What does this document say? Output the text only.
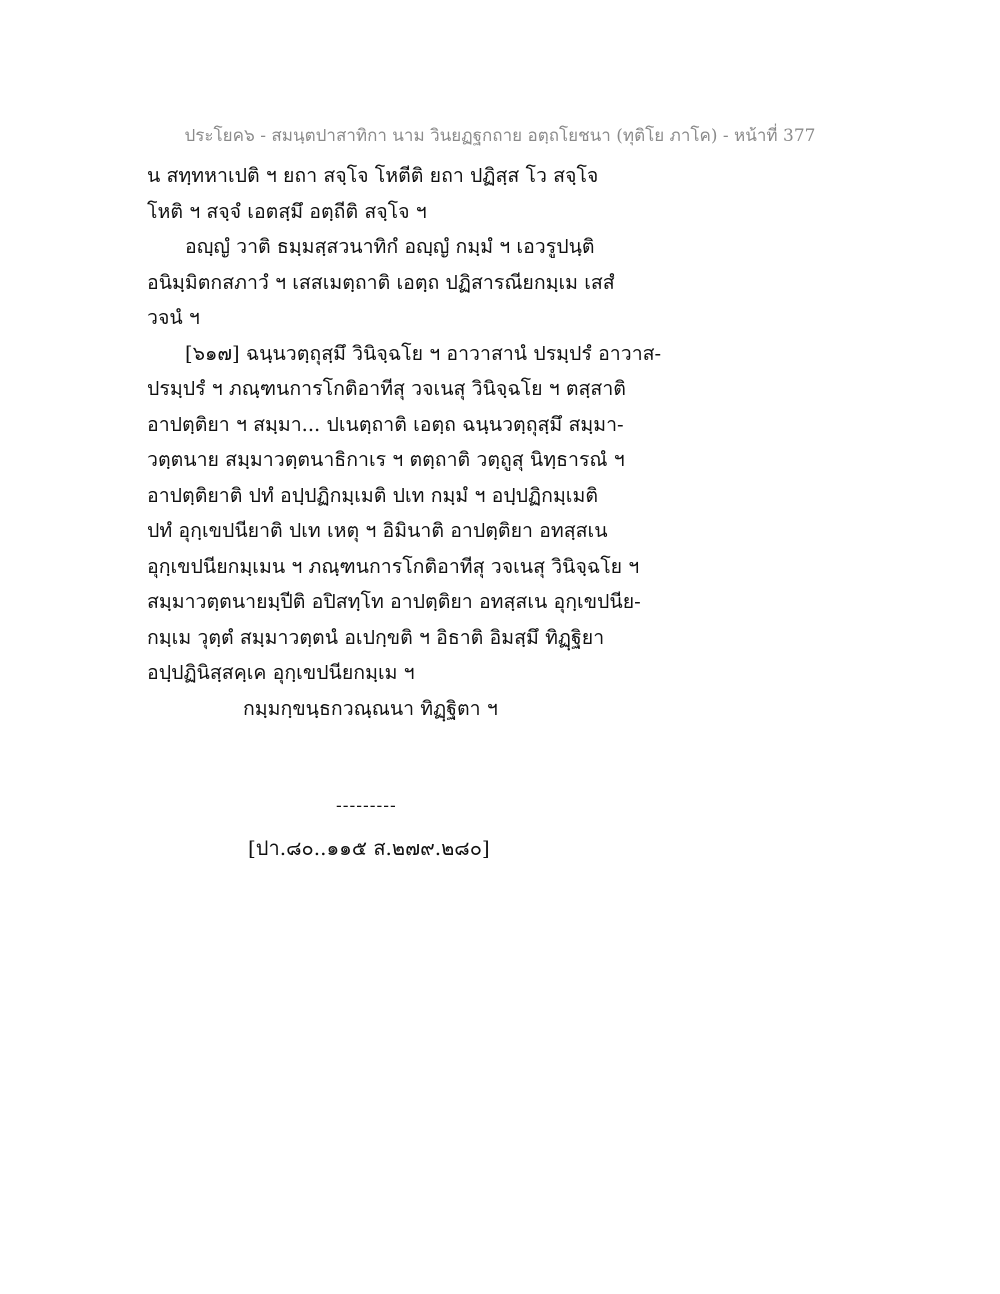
ประโยค๖ - สมนฺตปาสาทิกา นาม วินยฏฐกถาย อตฺถโยชนา (ทุติโย ภาโค) - หน้าที่ 377
น สทฺทหาเปติ ฯ ยถา สจฺโจ โหตีติ ยถา ปฏิสฺส โว สจฺโจ
โหติ ฯ สจฺจํ เอตสฺมึ อตฺถีติ สจฺโจ ฯ
อญฺญํ วาติ ธมฺมสฺสวนาทิกํ อญฺญํ กมฺมํ ฯ เอวรูปนฺติ
อนิมฺมิตกสภาวํ ฯ เสสเมตฺถาติ เอตฺถ ปฏิสารณียกมฺเม เสสํ
วจนํ ฯ
[๖๑๗] ฉนฺนวตฺถุสฺมึ วินิจฺฉโย ฯ อาวาสานํ ปรมฺปรํ อาวาส-
ปรมฺปรํ ฯ ภณฺฑนการโกติอาทีสุ วจเนสุ วินิจฺฉโย ฯ ตสฺสาติ
อาปตฺติยา ฯ สมฺมา... ปเนตฺถาติ เอตฺถ ฉนฺนวตฺถุสฺมึ สมฺมา-
วตฺตนาย สมฺมาวตฺตนาธิกาเร ฯ ตตฺถาติ วตฺถูสุ นิทฺธารณํ ฯ
อาปตฺติยาติ ปทํ อปฺปฏิกมฺเมติ ปเท กมฺมํ ฯ อปฺปฏิกมฺเมติ
ปทํ อุกฺเขปนียาติ ปเท เหตุ ฯ อิมินาติ อาปตฺติยา อทสฺสเน
อุกฺเขปนียกมฺเมน ฯ ภณฺฑนการโกติอาทีสุ วจเนสุ วินิจฺฉโย ฯ
สมฺมาวตฺตนายมฺปีติ อปิสทฺโท อาปตฺติยา อทสฺสเน อุกฺเขปนีย-
กมฺเม วุตฺตํ สมฺมาวตฺตนํ อเปกฺขติ ฯ อิธาติ อิมสฺมึ ทิฏฺฐิยา
อปฺปฏินิสฺสคฺเค อุกฺเขปนียกมฺเม ฯ
กมฺมกฺขนฺธกวณฺณนา ทิฏฺฐิตา ฯ
---------
[ปา.๘๐..๑๑๕ ส.๒๗๙.๒๘๐]
